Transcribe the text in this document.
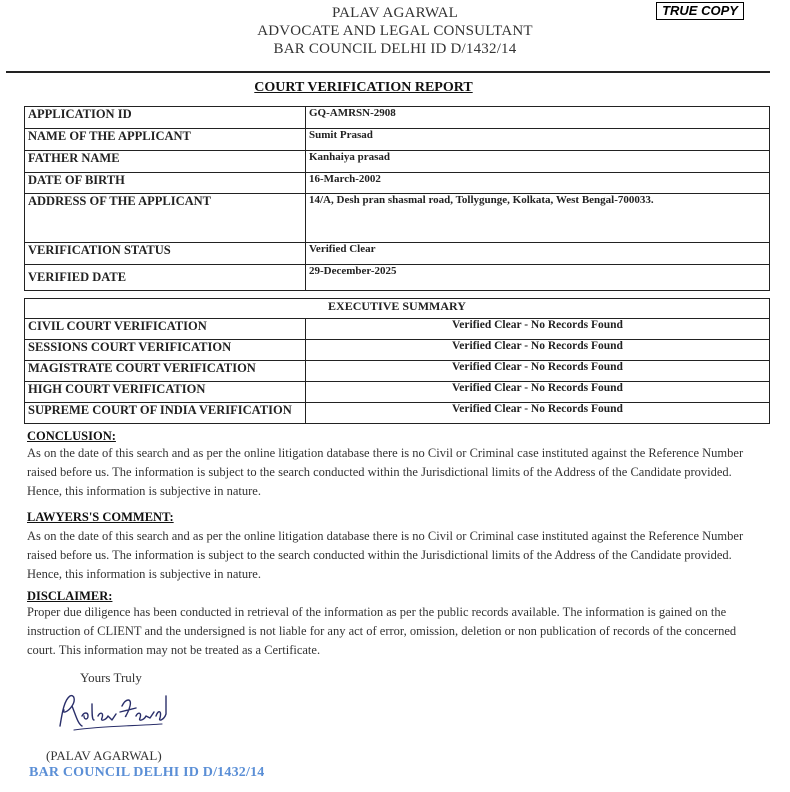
PALAV AGARWAL
ADVOCATE AND LEGAL CONSULTANT
BAR COUNCIL DELHI ID D/1432/14
TRUE COPY
COURT VERIFICATION REPORT
APPLICATION ID	GQ-AMRSN-2908
NAME OF THE APPLICANT	Sumit Prasad
FATHER NAME	Kanhaiya prasad
DATE OF BIRTH	16-March-2002
ADDRESS OF THE APPLICANT	14/A, Desh pran shasmal road, Tollygunge, Kolkata, West Bengal-700033.
VERIFICATION STATUS	Verified Clear
VERIFIED DATE	29-December-2025
EXECUTIVE SUMMARY	
CIVIL COURT VERIFICATION	Verified Clear - No Records Found
SESSIONS COURT VERIFICATION	Verified Clear - No Records Found
MAGISTRATE COURT VERIFICATION	Verified Clear - No Records Found
HIGH COURT VERIFICATION	Verified Clear - No Records Found
SUPREME COURT OF INDIA VERIFICATION	Verified Clear - No Records Found
CONCLUSION:
As on the date of this search and as per the online litigation database there is no Civil or Criminal case instituted against the Reference Number raised before us. The information is subject to the search conducted within the Jurisdictional limits of the Address of the Candidate provided. Hence, this information is subjective in nature.
LAWYERS'S COMMENT:
As on the date of this search and as per the online litigation database there is no Civil or Criminal case instituted against the Reference Number raised before us. The information is subject to the search conducted within the Jurisdictional limits of the Address of the Candidate provided. Hence, this information is subjective in nature.
DISCLAIMER:
Proper due diligence has been conducted in retrieval of the information as per the public records available. The information is gained on the instruction of CLIENT and the undersigned is not liable for any act of error, omission, deletion or non publication of records of the concerned court. This information may not be treated as a Certificate.
Yours Truly
(PALAV AGARWAL)
BAR COUNCIL DELHI ID D/1432/14
